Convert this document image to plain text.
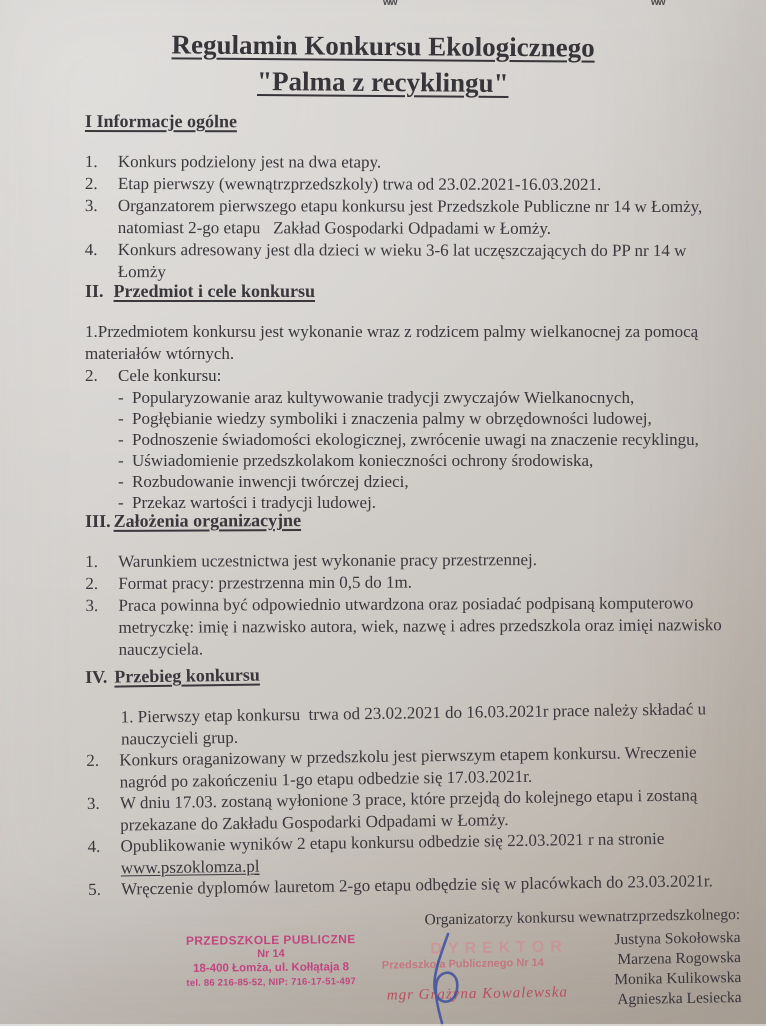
ww	ww
Regulamin Konkursu Ekologicznego
"Palma z recyklingu"
I Informacje ogólne
1.	Konkurs podzielony jest na dwa etapy.
2.	Etap pierwszy (wewnątrzprzedszkoly) trwa od 23.02.2021-16.03.2021.
3.	Organzatorem pierwszego etapu konkursu jest Przedszkole Publiczne nr 14 w Łomży, natomiast 2-go etapu   Zakład Gospodarki Odpadami w Łomży.
4.	Konkurs adresowany jest dla dzieci w wieku 3-6 lat uczęszczających do PP nr 14 w Łomży
II. Przedmiot i cele konkursu
1.Przedmiotem konkursu jest wykonanie wraz z rodzicem palmy wielkanocnej za pomocą materiałów wtórnych.
2.	Cele konkursu:
- Popularyzowanie araz kultywowanie tradycji zwyczajów Wielkanocnych,
- Pogłębianie wiedzy symboliki i znaczenia palmy w obrzędowności ludowej,
- Podnoszenie świadomości ekologicznej, zwrócenie uwagi na znaczenie recyklingu,
- Uświadomienie przedszkolakom konieczności ochrony środowiska,
- Rozbudowanie inwencji twórczej dzieci,
- Przekaz wartości i tradycji ludowej.
III. Założenia organizacyjne
1.	Warunkiem uczestnictwa jest wykonanie pracy przestrzennej.
2.	Format pracy: przestrzenna min 0,5 do 1m.
3.	Praca powinna być odpowiednio utwardzona oraz posiadać podpisaną komputerowo metryczkę: imię i nazwisko autora, wiek, nazwę i adres przedszkola oraz imięi nazwisko nauczyciela.
IV. Przebieg konkursu
1. Pierwszy etap konkursu  trwa od 23.02.2021 do 16.03.2021r prace należy składać u nauczycieli grup.
2.	Konkurs oraganizowany w przedszkolu jest pierwszym etapem konkursu. Wreczenie nagród po zakończeniu 1-go etapu odbedzie się 17.03.2021r.
3.	W dniu 17.03. zostaną wyłonione 3 prace, które przejdą do kolejnego etapu i zostaną przekazane do Zakładu Gospodarki Odpadami w Łomży.
4.	Opublikowanie wyników 2 etapu konkursu odbedzie się 22.03.2021 r na stronie www.pszoklomza.pl
5.	Wręczenie dyplomów lauretom 2-go etapu odbędzie się w placówkach do 23.03.2021r.
Organizatorzy konkursu wewnatrzprzedszkolnego:
Justyna Sokołowska
Marzena Rogowska
Monika Kulikowska
Agnieszka Lesiecka
PRZEDSZKOLE PUBLICZNE
Nr 14
18-400 Łomża, ul. Kołłątaja 8
tel. 86 216-85-52, NIP: 716-17-51-497
DYREKTOR
Przedszkola Publicznego Nr 14
mgr Grażyna Kowalewska
